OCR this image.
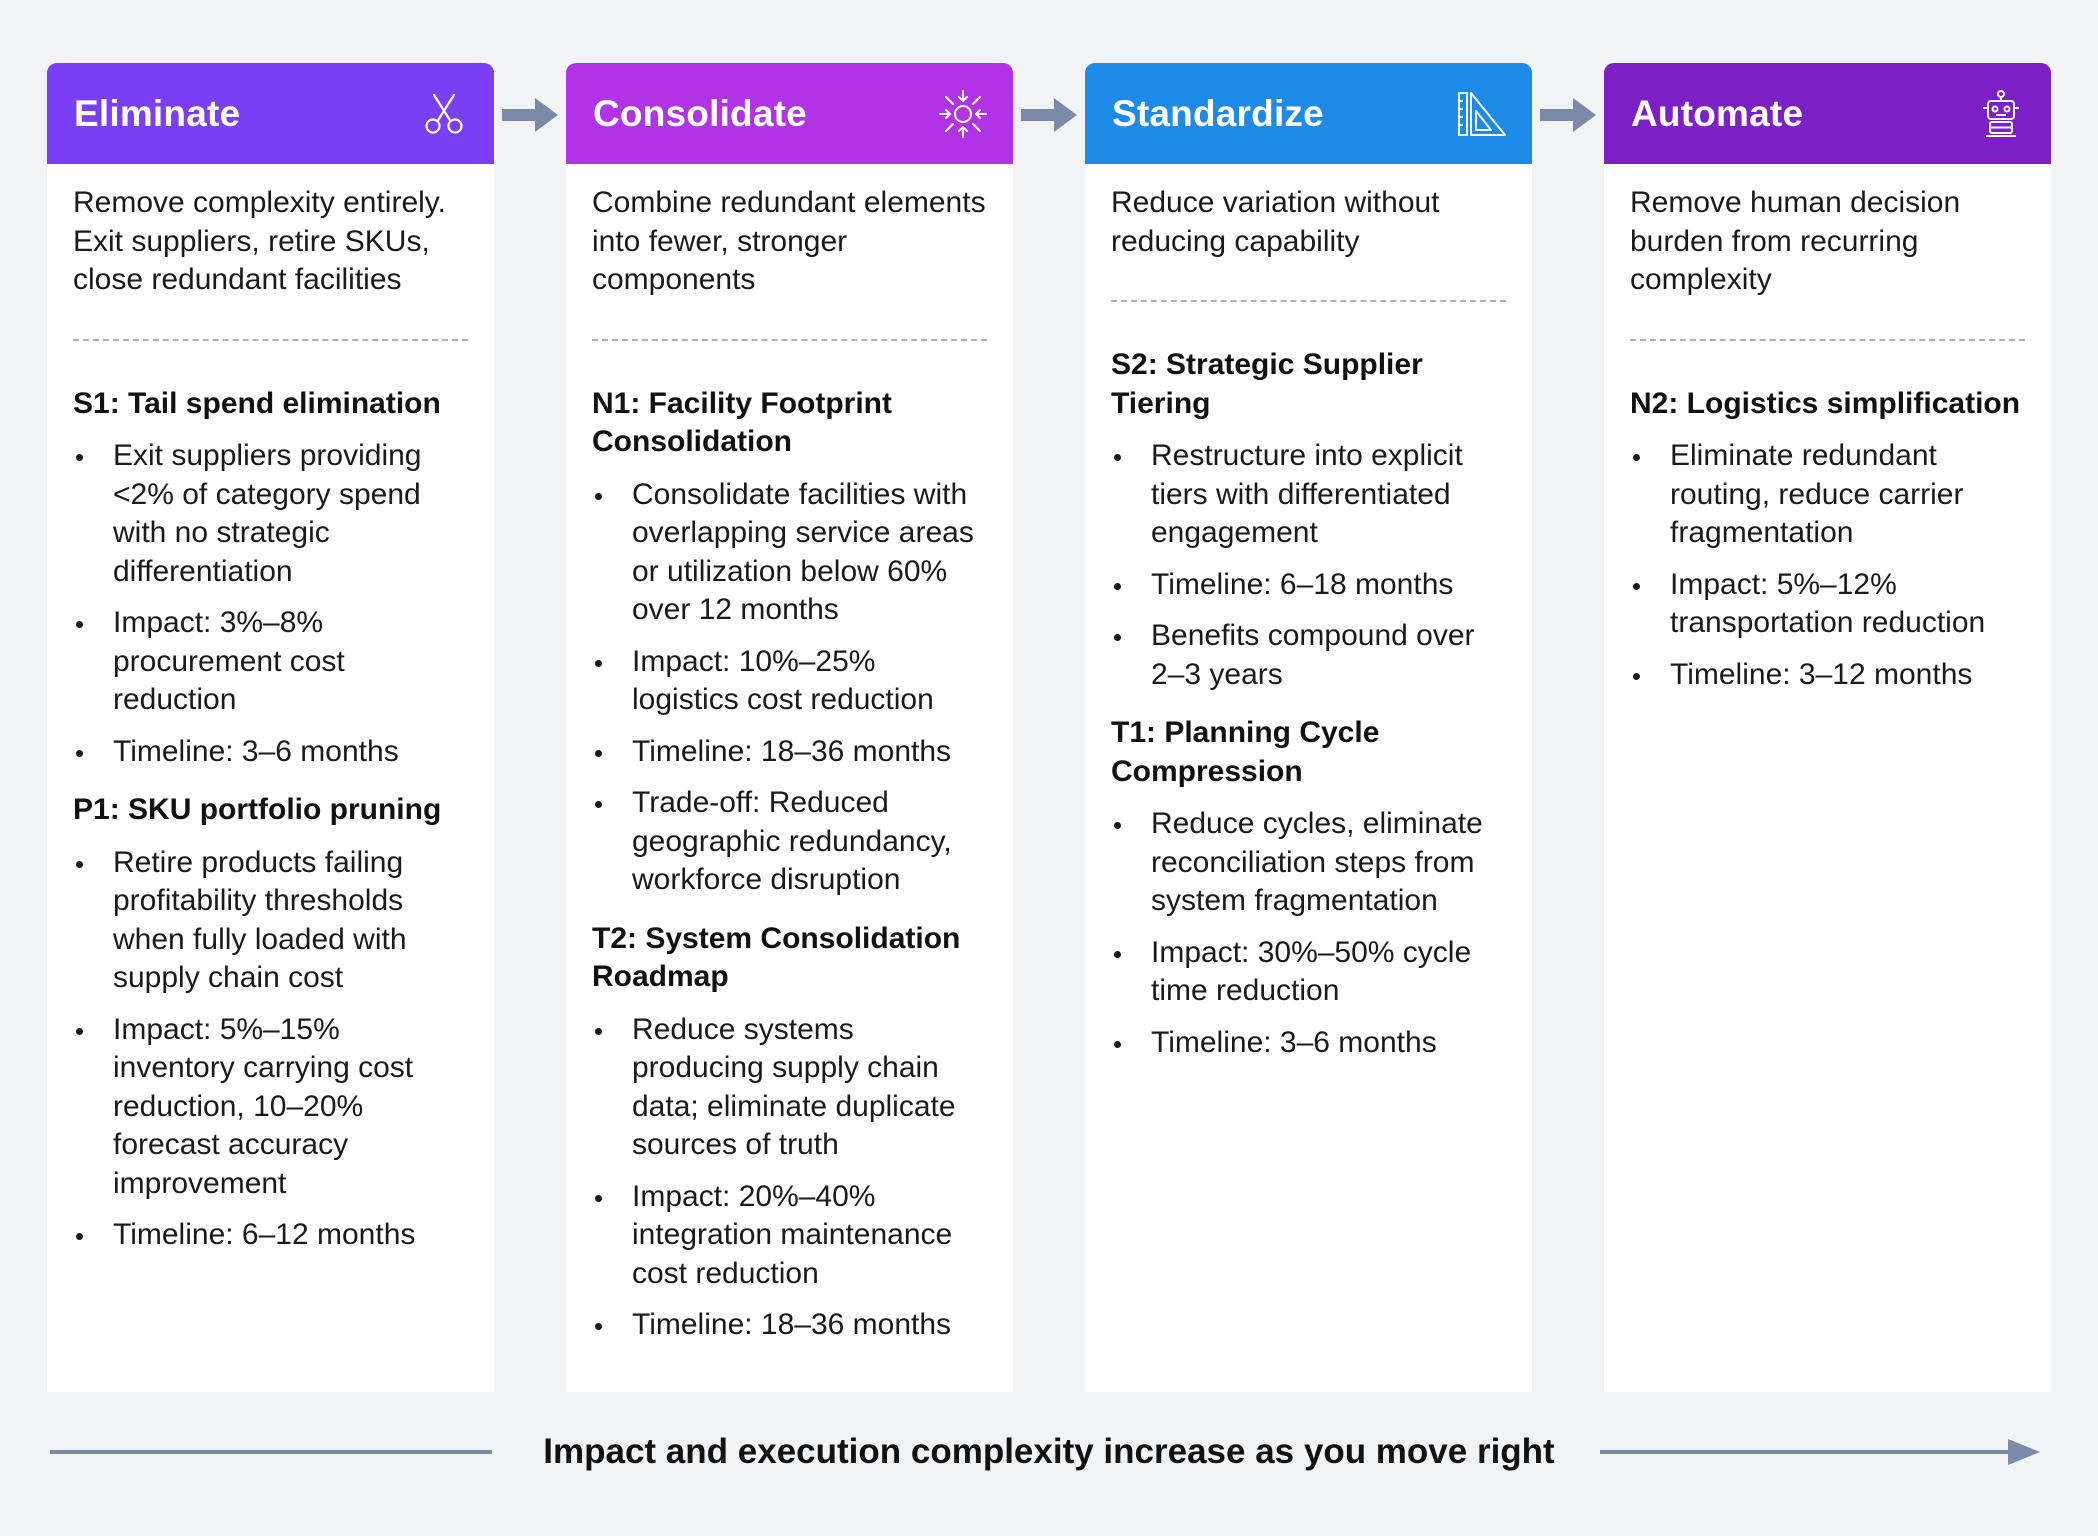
Eliminate
Remove complexity entirely. Exit suppliers, retire SKUs, close redundant facilities
S1: Tail spend elimination
Exit suppliers providing <2% of category spend with no strategic differentiation
Impact: 3%–8% procurement cost reduction
Timeline: 3–6 months
P1: SKU portfolio pruning
Retire products failing profitability thresholds when fully loaded with supply chain cost
Impact: 5%–15% inventory carrying cost reduction, 10–20% forecast accuracy improvement
Timeline: 6–12 months
Consolidate
Combine redundant elements into fewer, stronger components
N1: Facility Footprint Consolidation
Consolidate facilities with overlapping service areas or utilization below 60% over 12 months
Impact: 10%–25% logistics cost reduction
Timeline: 18–36 months
Trade-off: Reduced geographic redundancy, workforce disruption
T2: System Consolidation Roadmap
Reduce systems producing supply chain data; eliminate duplicate sources of truth
Impact: 20%–40% integration maintenance cost reduction
Timeline: 18–36 months
Standardize
Reduce variation without reducing capability
S2: Strategic Supplier Tiering
Restructure into explicit tiers with differentiated engagement
Timeline: 6–18 months
Benefits compound over 2–3 years
T1: Planning Cycle Compression
Reduce cycles, eliminate reconciliation steps from system fragmentation
Impact: 30%–50% cycle time reduction
Timeline: 3–6 months
Automate
Remove human decision burden from recurring complexity
N2: Logistics simplification
Eliminate redundant routing, reduce carrier fragmentation
Impact: 5%–12% transportation reduction
Timeline: 3–12 months
Impact and execution complexity increase as you move right
